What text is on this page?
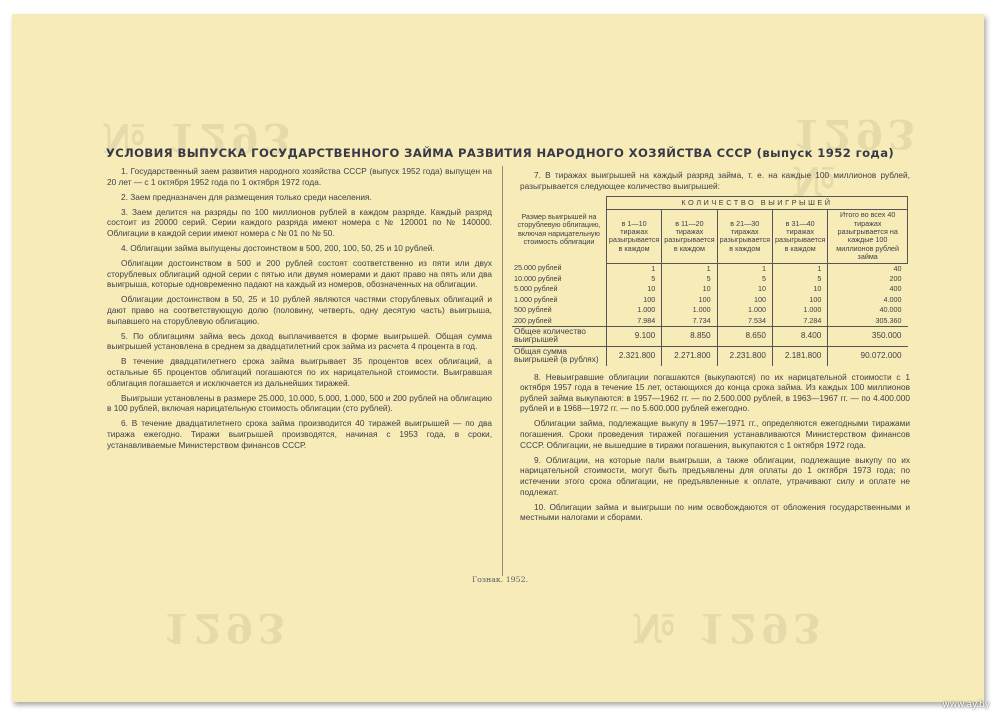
№ 1293
№ 1293
1293	№ 1293
УСЛОВИЯ ВЫПУСКА ГОСУДАРСТВЕННОГО ЗАЙМА РАЗВИТИЯ НАРОДНОГО ХОЗЯЙСТВА СССР (выпуск 1952 года)

1. Государственный заем развития народного хозяйства СССР (выпуск 1952 года) выпущен на 20 лет — с 1 октября 1952 года по 1 октября 1972 года.

2. Заем предназначен для размещения только среди населения.

3. Заем делится на разряды по 100 миллионов рублей в каждом разряде. Каждый разряд состоит из 20000 серий. Серии каждого разряда имеют номера с № 120001 по № 140000. Облигации в каждой серии имеют номера с № 01 по № 50.

4. Облигации займа выпущены достоинством в 500, 200, 100, 50, 25 и 10 рублей.

Облигации достоинством в 500 и 200 рублей состоят соответственно из пяти или двух сторублевых облигаций одной серии с пятью или двумя номерами и дают право на пять или два выигрыша, которые одновременно падают на каждый из номеров, обозначенных на облигации.

Облигации достоинством в 50, 25 и 10 рублей являются частями сторублевых облигаций и дают право на соответствующую долю (половину, четверть, одну десятую часть) выигрыша, выпавшего на сторублевую облигацию.

5. По облигациям займа весь доход выплачивается в форме выигрышей. Общая сумма выигрышей установлена в среднем за двадцатилетний срок займа из расчета 4 процента в год.

В течение двадцатилетнего срока займа выигрывает 35 процентов всех облигаций, а остальные 65 процентов облигаций погашаются по их нарицательной стоимости. Выигравшая облигация погашается и исключается из дальнейших тиражей.

Выигрыши установлены в размере 25.000, 10.000, 5.000, 1.000, 500 и 200 рублей на облигацию в 100 рублей, включая нарицательную стоимость облигации (сто рублей).

6. В течение двадцатилетнего срока займа производится 40 тиражей выигрышей — по два тиража ежегодно. Тиражи выигрышей производятся, начиная с 1953 года, в сроки, устанавливаемые Министерством финансов СССР.

7. В тиражах выигрышей на каждый разряд займа, т. е. на каждые 100 миллионов рублей, разыгрывается следующее количество выигрышей:

Размер выигрышей на сторублевую облигацию, включая нарицательную стоимость облигации	КОЛИЧЕСТВО ВЫИГРЫШЕЙ				
	в 1—10 тиражах разыгрывается в каждом	в 11—20 тиражах разыгрывается в каждом	в 21—30 тиражах разыгрывается в каждом	в 31—40 тиражах разыгрывается в каждом	Итого во всех 40 тиражах разыгрывается на каждые 100 миллионов рублей займа
25.000 рублей	1	1	1	1	40
10.000 рублей	5	5	5	5	200
5.000 рублей	10	10	10	10	400
1.000 рублей	100	100	100	100	4.000
500 рублей	1.000	1.000	1.000	1.000	40.000
200 рублей	7.984	7.734	7.534	7.284	305.360
Общее количество выигрышей	9.100	8.850	8.650	8.400	350.000
Общая сумма выигрышей (в рублях)	2.321.800	2.271.800	2.231.800	2.181.800	90.072.000

8. Невыигравшие облигации погашаются (выкупаются) по их нарицательной стоимости с 1 октября 1957 года в течение 15 лет, остающихся до конца срока займа. Из каждых 100 миллионов рублей займа выкупаются: в 1957—1962 гг. — по 2.500.000 рублей, в 1963—1967 гг. — по 4.400.000 рублей и в 1968—1972 гг. — по 5.600.000 рублей ежегодно.

Облигации займа, подлежащие выкупу в 1957—1971 гг., определяются ежегодными тиражами погашения. Сроки проведения тиражей погашения устанавливаются Министерством финансов СССР. Облигации, не вышедшие в тиражи погашения, выкупаются с 1 октября 1972 года.

9. Облигации, на которые пали выигрыши, а также облигации, подлежащие выкупу по их нарицательной стоимости, могут быть предъявлены для оплаты до 1 октября 1973 года; по истечении этого срока облигации, не предъявленные к оплате, утрачивают силу и оплате не подлежат.

10. Облигации займа и выигрыши по ним освобождаются от обложения государственными и местными налогами и сборами.

Гознак. 1952.
www.ay.by
